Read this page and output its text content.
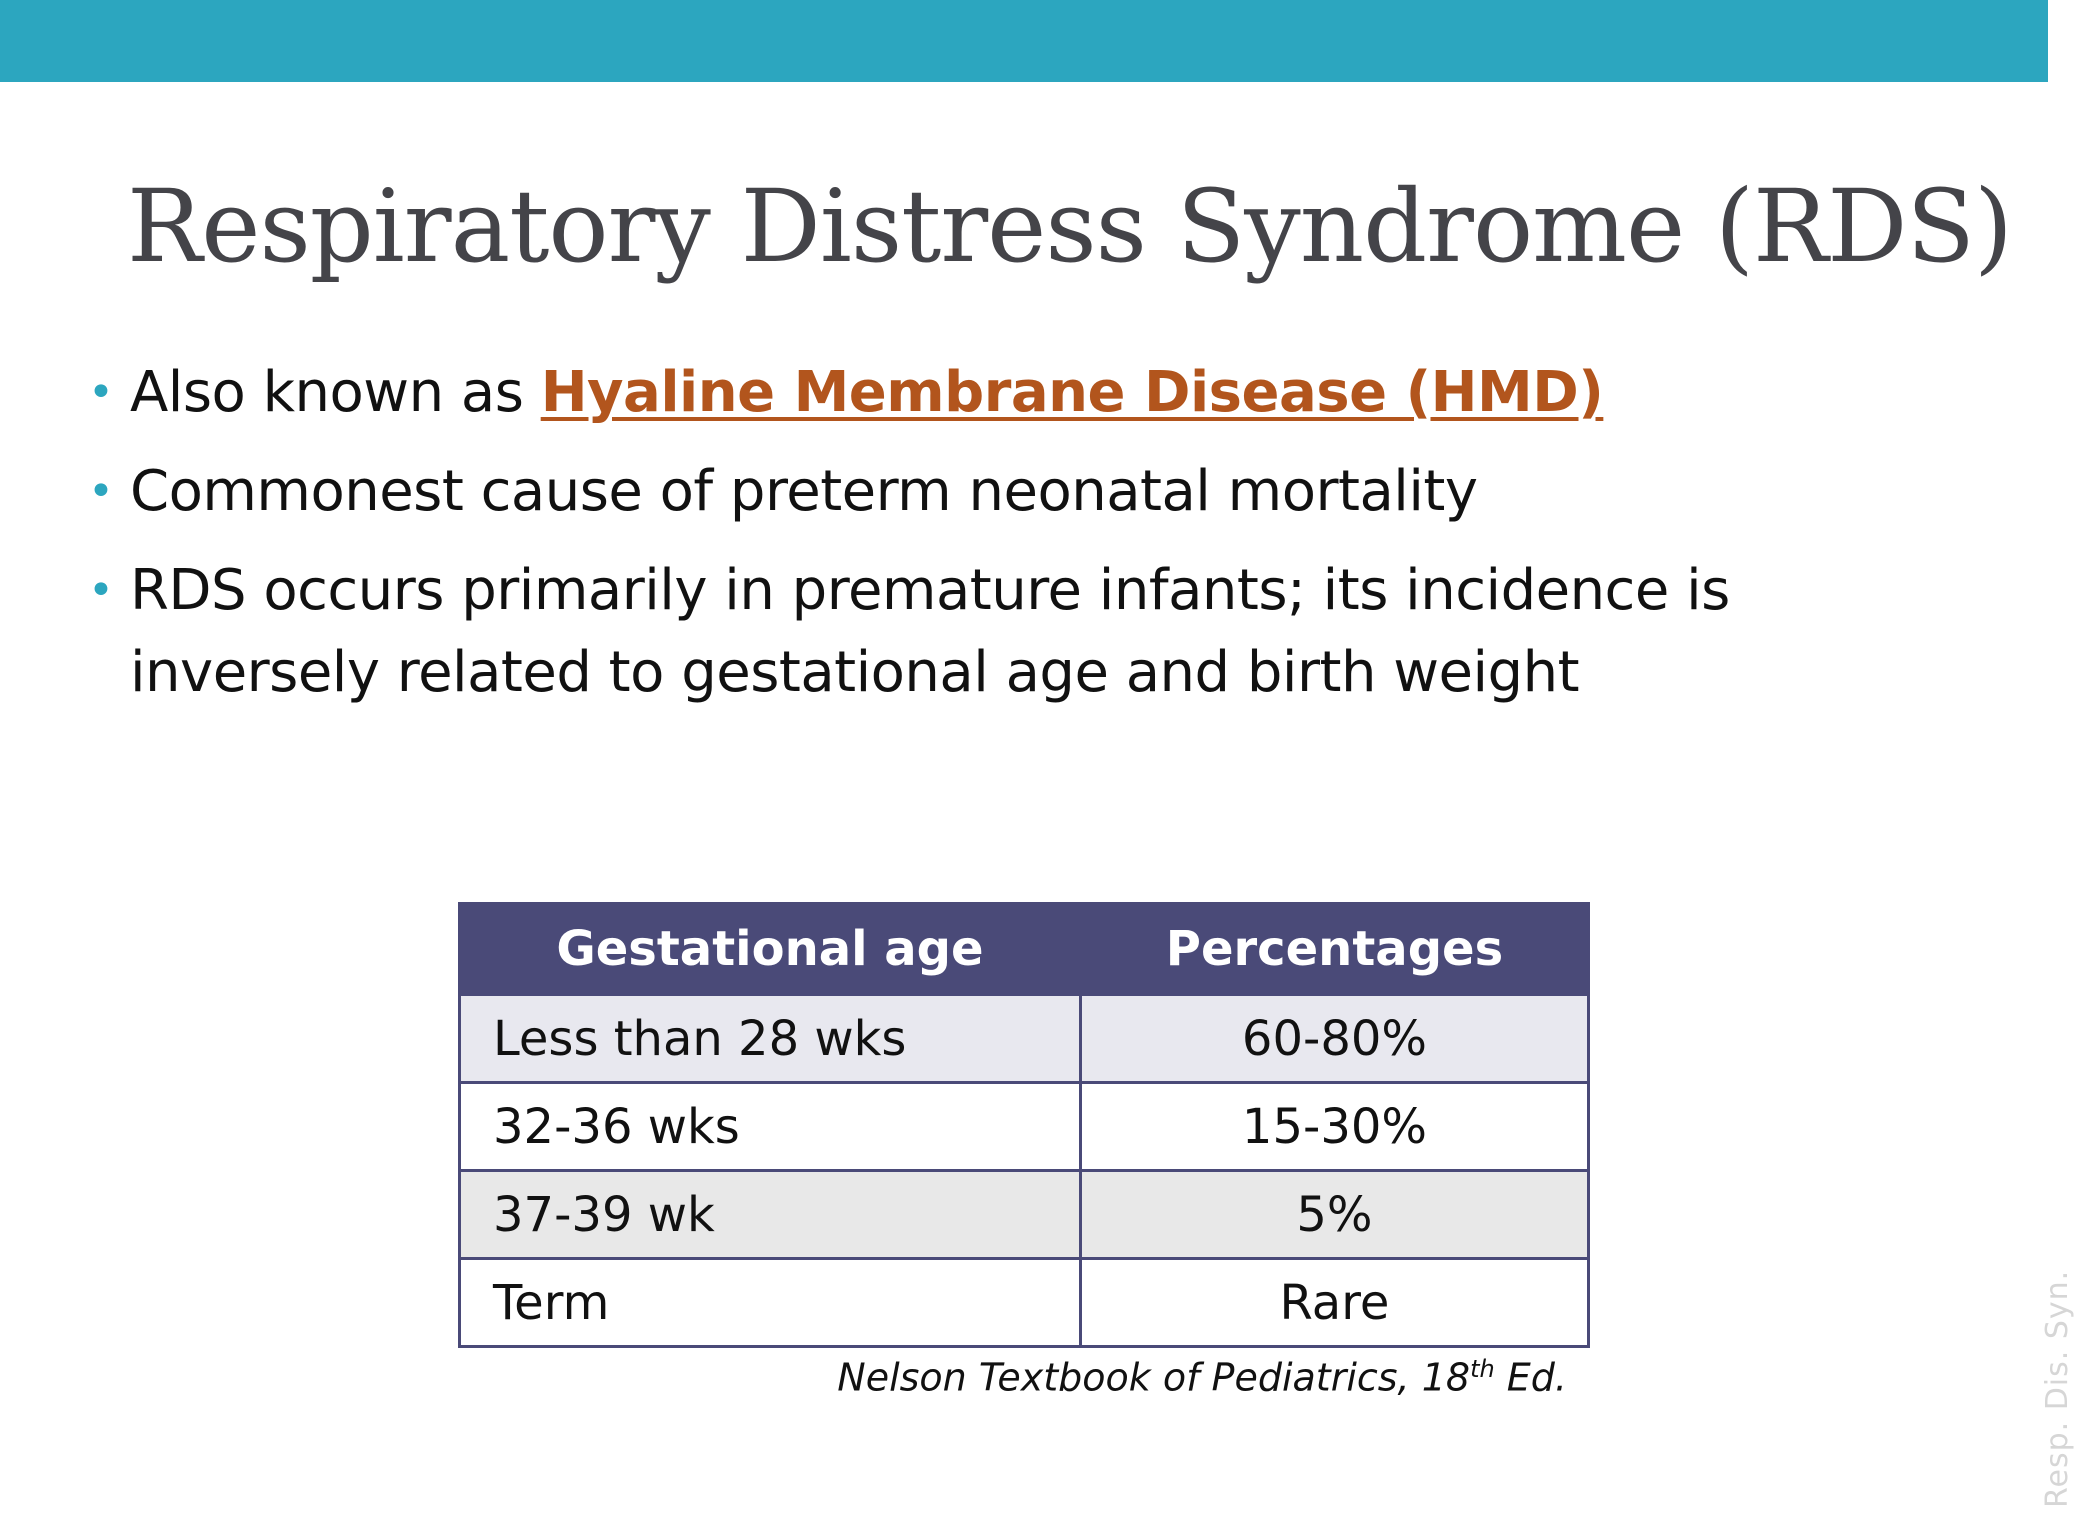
Respiratory Distress Syndrome (RDS)
• Also known as Hyaline Membrane Disease (HMD)
• Commonest cause of preterm neonatal mortality
• RDS occurs primarily in premature infants; its incidence is inversely related to gestational age and birth weight
Gestational age	Percentages
Less than 28 wks	60-80%
32-36 wks	15-30%
37-39 wk	5%
Term	Rare
Nelson Textbook of Pediatrics, 18th Ed.	Resp. Dis. Syn.
